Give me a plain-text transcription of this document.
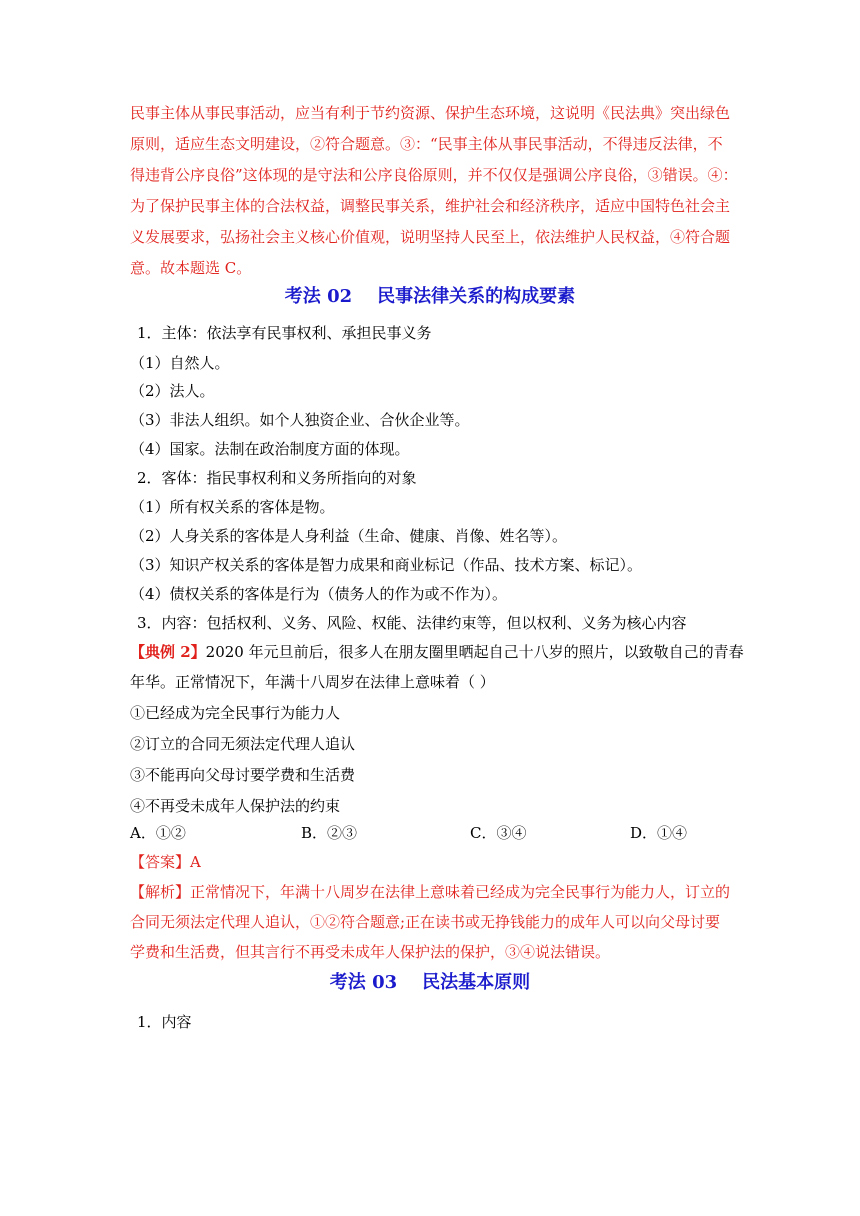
民事主体从事民事活动，应当有利于节约资源、保护生态环境，这说明《民法典》突出绿色
原则，适应生态文明建设，②符合题意。③：“民事主体从事民事活动，不得违反法律，不
得违背公序良俗”这体现的是守法和公序良俗原则，并不仅仅是强调公序良俗，③错误。④：
为了保护民事主体的合法权益，调整民事关系，维护社会和经济秩序，适应中国特色社会主
义发展要求，弘扬社会主义核心价值观，说明坚持人民至上，依法维护人民权益，④符合题
意。故本题选 C。
考法 02    民事法律关系的构成要素
1．主体：依法享有民事权利、承担民事义务
（1）自然人。
（2）法人。
（3）非法人组织。如个人独资企业、合伙企业等。
（4）国家。法制在政治制度方面的体现。
2．客体：指民事权利和义务所指向的对象
（1）所有权关系的客体是物。
（2）人身关系的客体是人身利益（生命、健康、肖像、姓名等）。
（3）知识产权关系的客体是智力成果和商业标记（作品、技术方案、标记）。
（4）债权关系的客体是行为（债务人的作为或不作为）。
3．内容：包括权利、义务、风险、权能、法律约束等，但以权利、义务为核心内容
【典例 2】2020 年元旦前后，很多人在朋友圈里晒起自己十八岁的照片，以致敬自己的青春
年华。正常情况下，年满十八周岁在法律上意味着（ ）
①已经成为完全民事行为能力人
②订立的合同无须法定代理人追认
③不能再向父母讨要学费和生活费
④不再受未成年人保护法的约束
A．①②	B．②③	C．③④	D．①④
【答案】A
【解析】正常情况下，年满十八周岁在法律上意味着已经成为完全民事行为能力人，订立的
合同无须法定代理人追认，①②符合题意;正在读书或无挣钱能力的成年人可以向父母讨要
学费和生活费，但其言行不再受未成年人保护法的保护，③④说法错误。
考法 03    民法基本原则
1．内容
